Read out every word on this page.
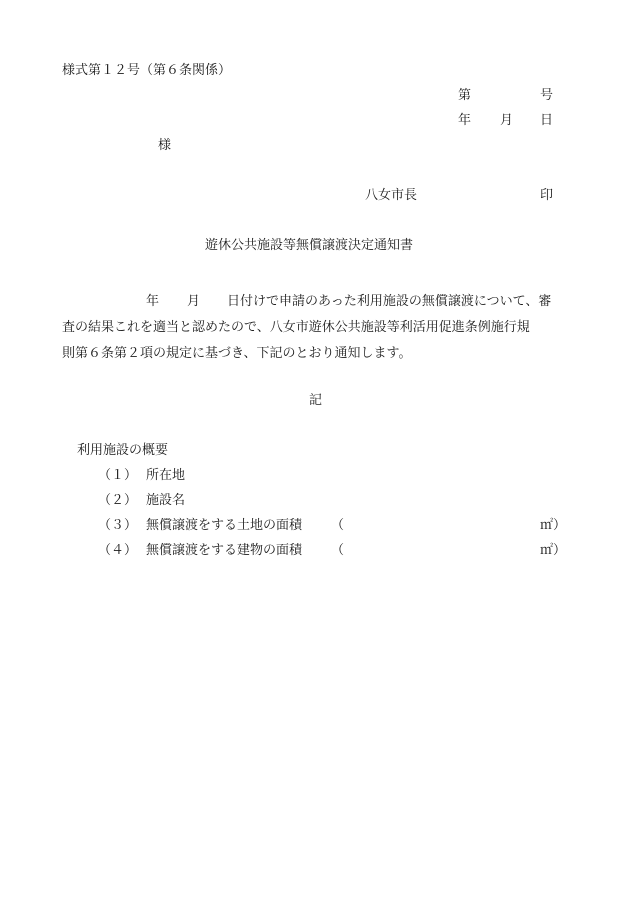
様式第１２号（第６条関係）
第	号
年 月 日
様
八女市長	印
遊休公共施設等無償譲渡決定通知書
年 月 日付けで申請のあった利用施設の無償譲渡について、審
査の結果これを適当と認めたので、八女市遊休公共施設等利活用促進条例施行規
則第６条第２項の規定に基づき、下記のとおり通知します。
記
利用施設の概要
（１） 所在地
（２） 施設名
（３） 無償譲渡をする土地の面積 （	㎡）
（４） 無償譲渡をする建物の面積 （	㎡）
